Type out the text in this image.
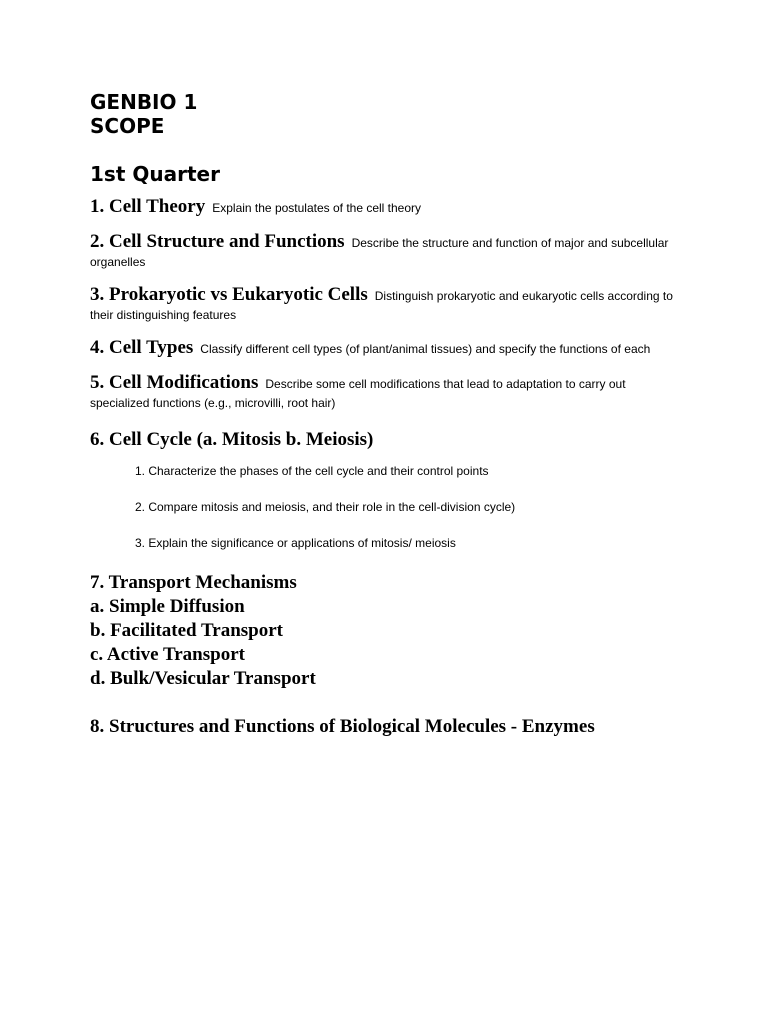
GENBIO 1
SCOPE
1st Quarter
1. Cell Theory Explain the postulates of the cell theory
2. Cell Structure and Functions Describe the structure and function of major and subcellular organelles
3. Prokaryotic vs Eukaryotic Cells Distinguish prokaryotic and eukaryotic cells according to their distinguishing features
4. Cell Types Classify different cell types (of plant/animal tissues) and specify the functions of each
5. Cell Modifications Describe some cell modifications that lead to adaptation to carry out specialized functions (e.g., microvilli, root hair)
6. Cell Cycle (a. Mitosis b. Meiosis)
1. Characterize the phases of the cell cycle and their control points
2. Compare mitosis and meiosis, and their role in the cell-division cycle)
3. Explain the significance or applications of mitosis/ meiosis
7. Transport Mechanisms
a. Simple Diffusion
b. Facilitated Transport
c. Active Transport
d. Bulk/Vesicular Transport
8. Structures and Functions of Biological Molecules - Enzymes
